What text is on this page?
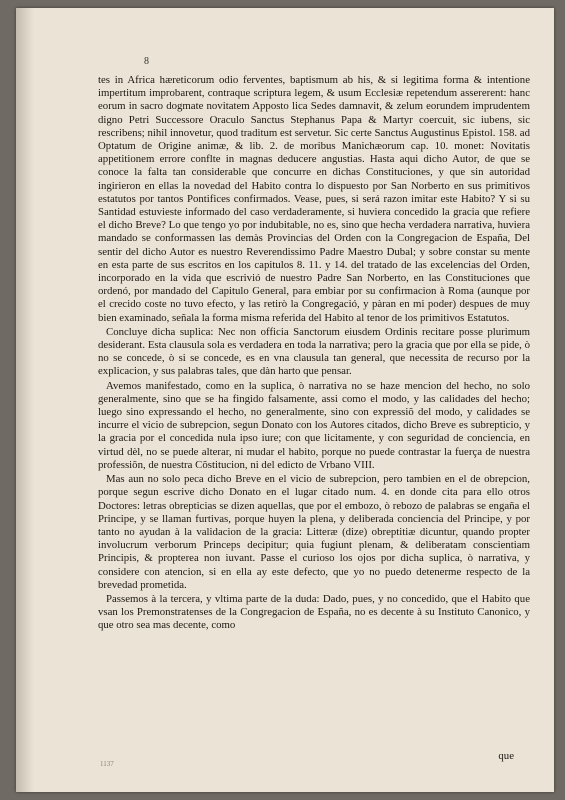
8

tes in Africa hæreticorum odio ferventes, baptismum ab his, & si legitima forma & intentione impertitum improbarent, contraque scriptura legem, & usum Ecclesiæ repetendum assererent: hanc eorum in sacro dogmate novitatem Apposto lica Sedes damnavit, & zelum eorundem imprudentem digno Petri Successore Oraculo Sanctus Stephanus Papa & Martyr coercuit, sic iubens, sic rescribens; nihil innovetur, quod traditum est servetur. Sic certe Sanctus Augustinus Epistol. 158. ad Optatum de Origine animæ, & lib. 2. de moribus Manichæorum cap. 10. monet: Novitatis appetitionem errore conflte in magnas deducere angustias. Hasta aqui dicho Autor, de que se conoce la falta tan considerable que concurre en dichas Constituciones, y que sin autoridad ingirieron en ellas la novedad del Habito contra lo dispuesto por San Norberto en sus primitivos estatutos por tantos Pontifices confirmados. Vease, pues, si será razon imitar este Habito? Y si su Santidad estuvieste informado del caso verdaderamente, si huviera concedido la gracia que refiere el dicho Breve? Lo que tengo yo por indubitable, no es, sino que hecha verdadera narrativa, huviera mandado se conformassen las demàs Provincias del Orden con la Congregacion de España, Del sentir del dicho Autor es nuestro Reverendissimo Padre Maestro Dubal; y sobre constar su mente en esta parte de sus escritos en los capitulos 8. 11. y 14. del tratado de las excelencias del Orden, incorporado en la vida que escrivió de nuestro Padre San Norberto, en las Constituciones que ordenó, por mandado del Capitulo General, para embiar por su confirmacion à Roma (aunque por el crecido coste no tuvo efecto, y las retirò la Congregació, y pàran en mi poder) despues de muy bien examinado, señala la forma misma referida del Habito al tenor de los primitivos Estatutos.

Concluye dicha suplica: Nec non officia Sanctorum eiusdem Ordinis recitare posse plurimum desiderant. Esta clausula sola es verdadera en toda la narrativa; pero la gracia que por ella se pide, ò no se concede, ò si se concede, es en vna clausula tan general, que necessita de recurso por la explicacion, y sus palabras tales, que dàn harto que pensar.

Avemos manifestado, como en la suplica, ò narrativa no se haze mencion del hecho, no solo generalmente, sino que se ha fingido falsamente, assi como el modo, y las calidades del hecho; luego sino expressando el hecho, no generalmente, sino con expressiõ del modo, y calidades se incurre el vicio de subrepcion, segun Donato con los Autores citados, dicho Breve es subrepticio, y la gracia por el concedida nula ipso iure; con que licitamente, y con seguridad de conciencia, en virtud dèl, no se puede alterar, ni mudar el habito, porque no puede contrastar la fuerça de nuestra professiõn, de nuestra Cõstitucion, ni del edicto de Vrbano VIII.

Mas aun no solo peca dicho Breve en el vicio de subrepcion, pero tambien en el de obrepcion, porque segun escrive dicho Donato en el lugar citado num. 4. en donde cita para ello otros Doctores: letras obrepticias se dizen aquellas, que por el embozo, ò rebozo de palabras se engaña el Principe, y se llaman furtivas, porque huyen la plena, y deliberada conciencia del Principe, y por tanto no ayudan à la validacion de la gracia: Litteræ (dize) obreptitiæ dicuntur, quando propter involucrum verborum Princeps decipitur; quia fugiunt plenam, & deliberatam conscientiam Principis, & propterea non iuvant. Passe el curioso los ojos por dicha suplica, ò narrativa, y considere con atencion, si en ella ay este defecto, que yo no puedo detenerme respecto de la brevedad prometida.

Passemos à la tercera, y vltima parte de la duda: Dado, pues, y no concedido, que el Habito que vsan los Premonstratenses de la Congregacion de España, no es decente à su Instituto Canonico, y que otro sea mas decente, como

1137
que
